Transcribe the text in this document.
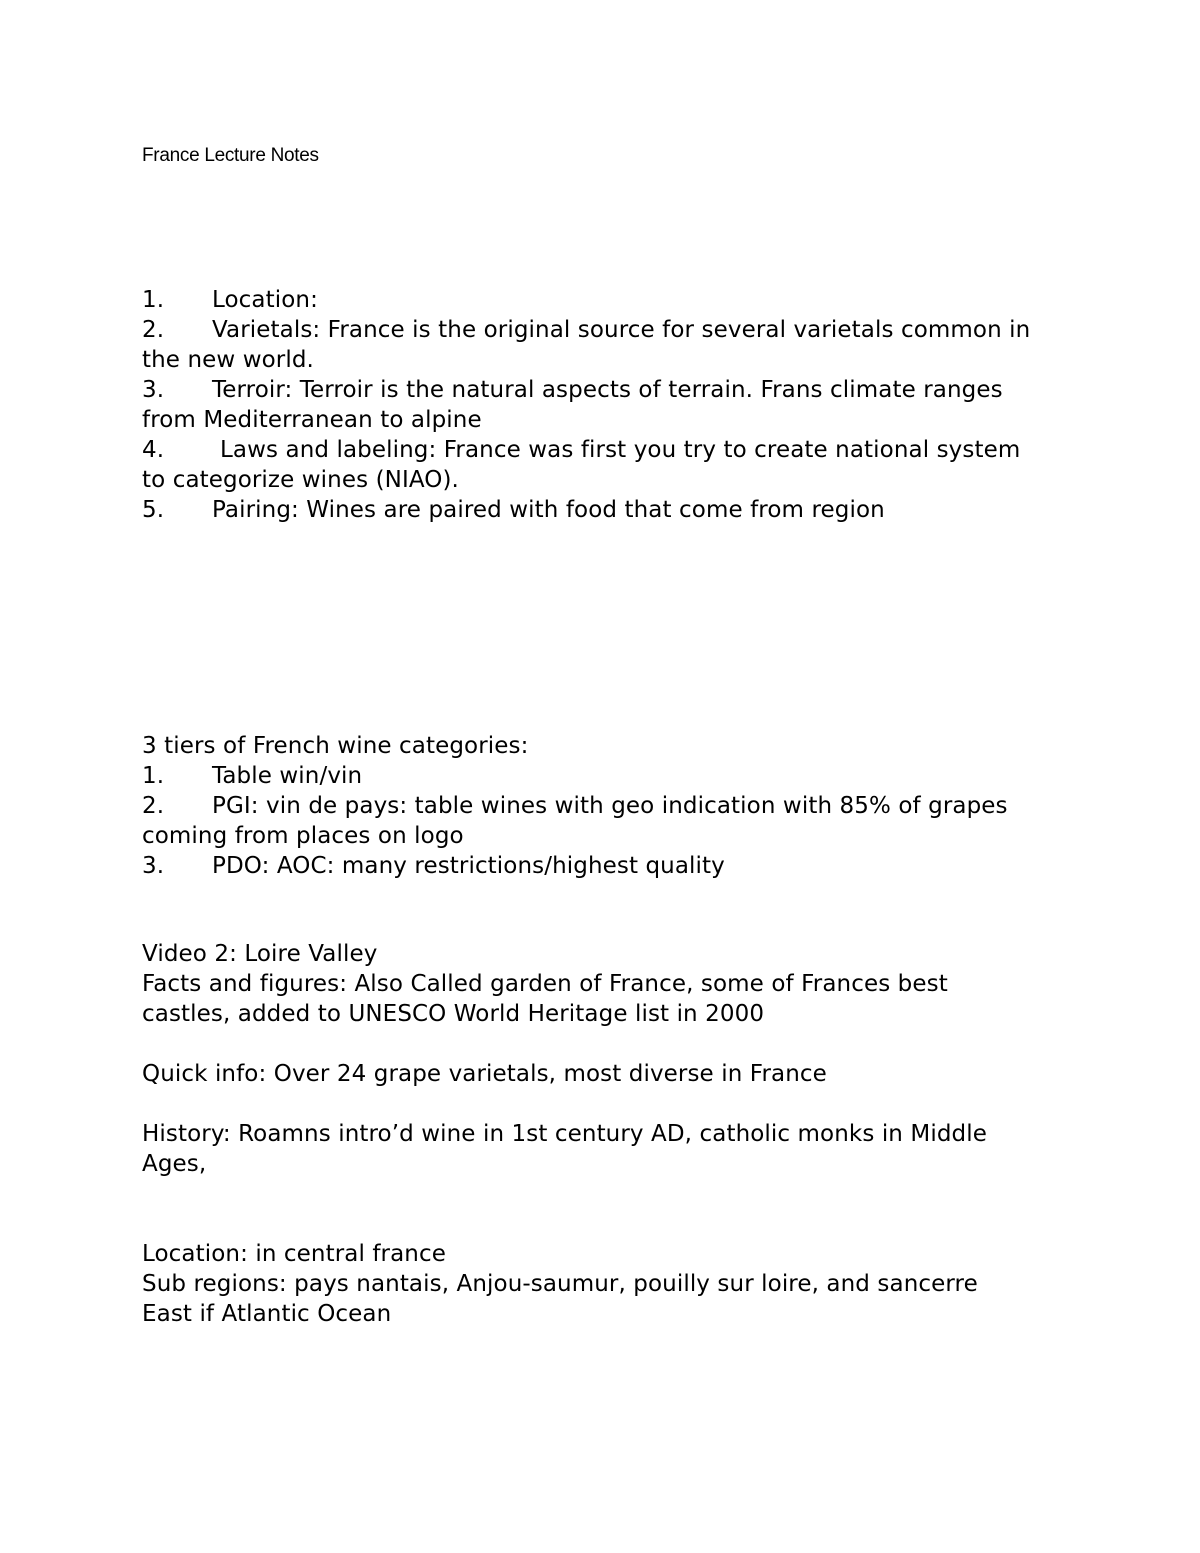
France Lecture Notes
1. Location:
2. Varietals: France is the original source for several varietals common in the new world.
3. Terroir: Terroir is the natural aspects of terrain. Frans climate ranges from Mediterranean to alpine
4. Laws and labeling: France was first you try to create national system to categorize wines (NIAO).
5. Pairing: Wines are paired with food that come from region
3 tiers of French wine categories:
1. Table win/vin
2. PGI: vin de pays: table wines with geo indication with 85% of grapes coming from places on logo
3. PDO: AOC: many restrictions/highest quality
Video 2: Loire Valley
Facts and figures: Also Called garden of France, some of Frances best castles, added to UNESCO World Heritage list in 2000
Quick info: Over 24 grape varietals, most diverse in France
History: Roamns intro’d wine in 1st century AD, catholic monks in Middle Ages,
Location: in central france
Sub regions: pays nantais, Anjou-saumur, pouilly sur loire, and sancerre
East if Atlantic Ocean
